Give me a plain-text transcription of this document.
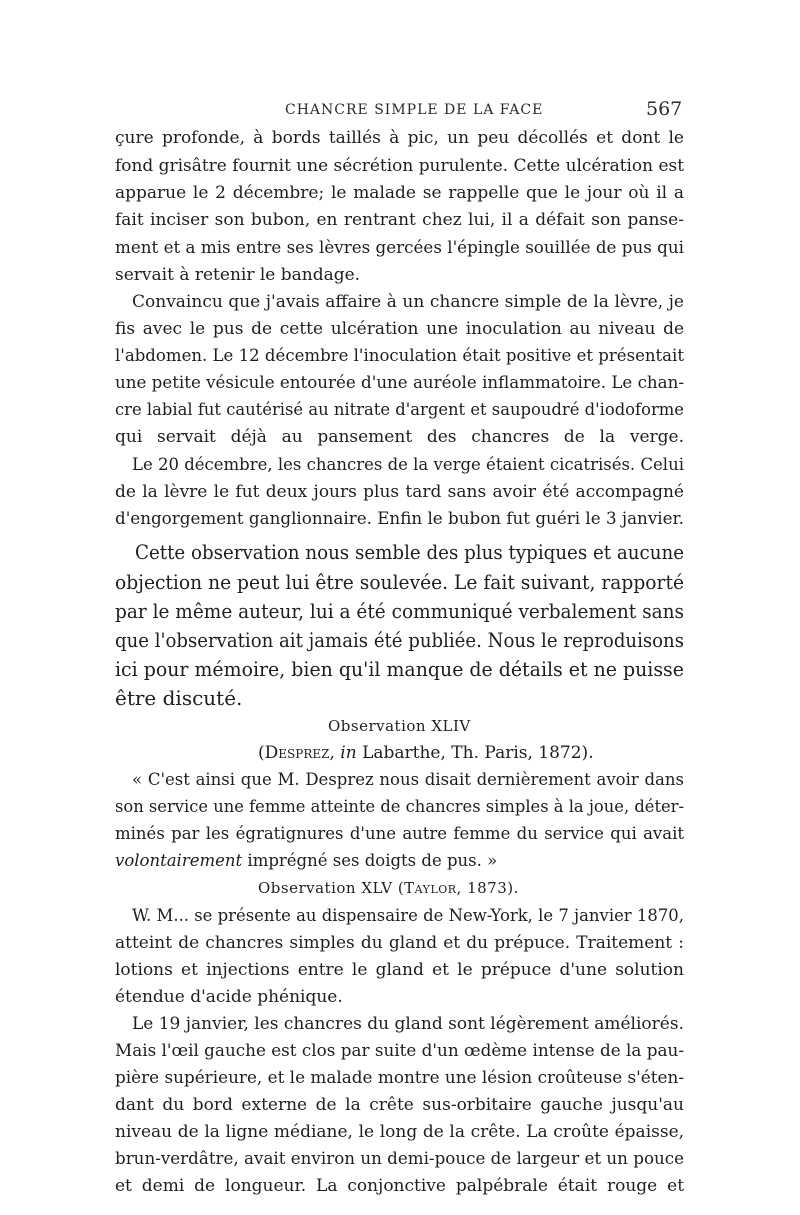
CHANCRE SIMPLE DE LA FACE	567
çure profonde, à bords taillés à pic, un peu décollés et dont le
fond grisâtre fournit une sécrétion purulente. Cette ulcération est
apparue le 2 décembre; le malade se rappelle que le jour où il a
fait inciser son bubon, en rentrant chez lui, il a défait son panse-
ment et a mis entre ses lèvres gercées l'épingle souillée de pus qui
servait à retenir le bandage.
Convaincu que j'avais affaire à un chancre simple de la lèvre, je
fis avec le pus de cette ulcération une inoculation au niveau de
l'abdomen. Le 12 décembre l'inoculation était positive et présentait
une petite vésicule entourée d'une auréole inflammatoire. Le chan-
cre labial fut cautérisé au nitrate d'argent et saupoudré d'iodoforme
qui servait déjà au pansement des chancres de la verge.
Le 20 décembre, les chancres de la verge étaient cicatrisés. Celui
de la lèvre le fut deux jours plus tard sans avoir été accompagné
d'engorgement ganglionnaire. Enfin le bubon fut guéri le 3 janvier.
Cette observation nous semble des plus typiques et aucune
objection ne peut lui être soulevée. Le fait suivant, rapporté
par le même auteur, lui a été communiqué verbalement sans
que l'observation ait jamais été publiée. Nous le reproduisons
ici pour mémoire, bien qu'il manque de détails et ne puisse
être discuté.
Observation XLIV
(Desprez, in Labarthe, Th. Paris, 1872).
« C'est ainsi que M. Desprez nous disait dernièrement avoir dans
son service une femme atteinte de chancres simples à la joue, déter-
minés par les égratignures d'une autre femme du service qui avait
volontairement imprégné ses doigts de pus. »
Observation XLV (Taylor, 1873).
W. M... se présente au dispensaire de New-York, le 7 janvier 1870,
atteint de chancres simples du gland et du prépuce. Traitement :
lotions et injections entre le gland et le prépuce d'une solution
étendue d'acide phénique.
Le 19 janvier, les chancres du gland sont légèrement améliorés.
Mais l'œil gauche est clos par suite d'un œdème intense de la pau-
pière supérieure, et le malade montre une lésion croûteuse s'éten-
dant du bord externe de la crête sus-orbitaire gauche jusqu'au
niveau de la ligne médiane, le long de la crête. La croûte épaisse,
brun-verdâtre, avait environ un demi-pouce de largeur et un pouce
et demi de longueur. La conjonctive palpébrale était rouge et
